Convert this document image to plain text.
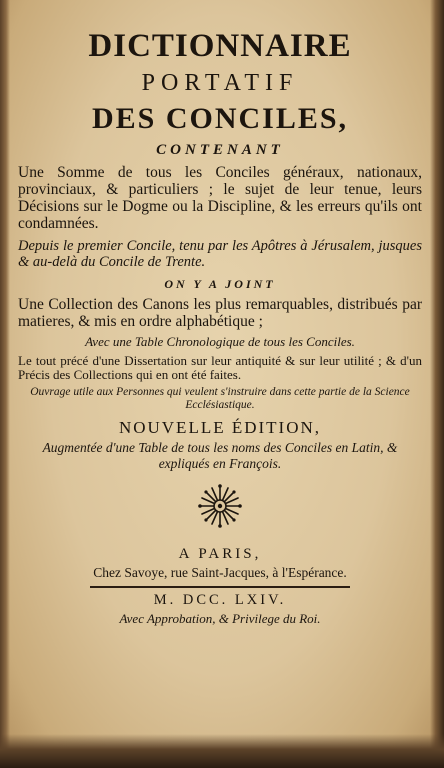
DICTIONNAIRE
PORTATIF
DES CONCILES,
CONTENANT
Une Somme de tous les Conciles généraux, nationaux, provinciaux, & particuliers ; le sujet de leur tenue, leurs Décisions sur le Dogme ou la Discipline, & les erreurs qu'ils ont condamnées.
Depuis le premier Concile, tenu par les Apôtres à Jérusalem, jusques & au-delà du Concile de Trente.
ON Y A JOINT
Une Collection des Canons les plus remarquables, distribués par matieres, & mis en ordre alphabétique ;
Avec une Table Chronologique de tous les Conciles.
Le tout précé d'une Dissertation sur leur antiquité & sur leur utilité ; & d'un Précis des Collections qui en ont été faites.
Ouvrage utile aux Personnes qui veulent s'instruire dans cette partie de la Science Ecclésiastique.
NOUVELLE ÉDITION,
Augmentée d'une Table de tous les noms des Conciles en Latin, & expliqués en François.
A PARIS,
Chez Savoye, rue Saint-Jacques, à l'Espérance.
M. DCC. LXIV.
Avec Approbation, & Privilege du Roi.
